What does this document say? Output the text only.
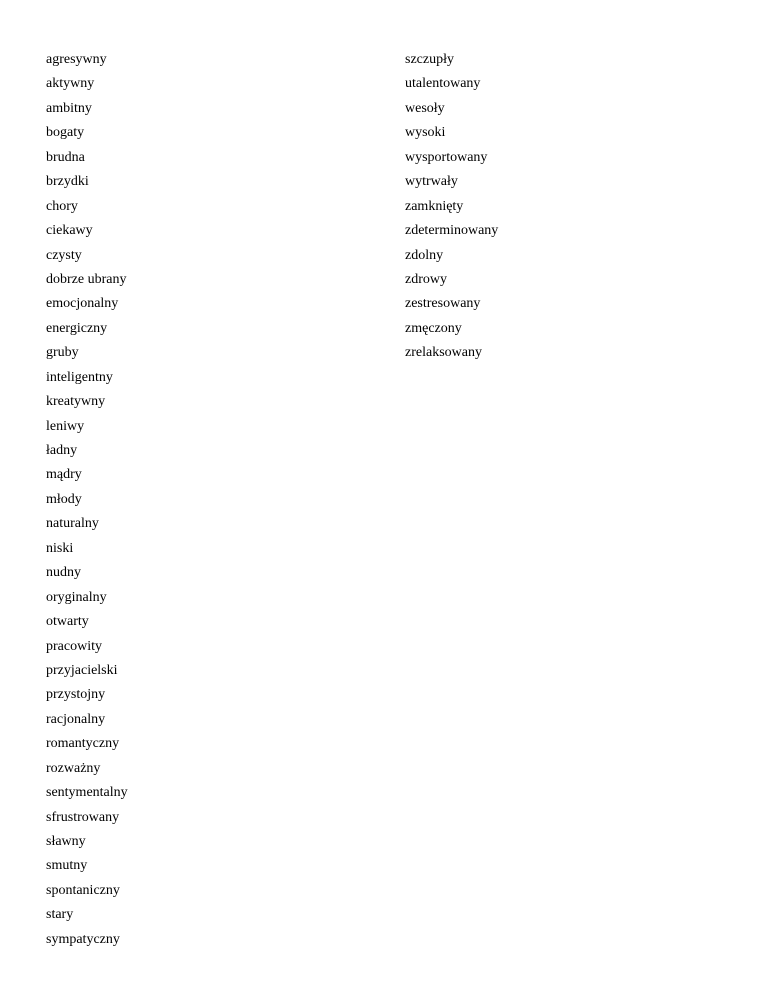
agresywny
aktywny
ambitny
bogaty
brudna
brzydki
chory
ciekawy
czysty
dobrze ubrany
emocjonalny
energiczny
gruby
inteligentny
kreatywny
leniwy
ładny
mądry
młody
naturalny
niski
nudny
oryginalny
otwarty
pracowity
przyjacielski
przystojny
racjonalny
romantyczny
rozważny
sentymentalny
sfrustrowany
sławny
smutny
spontaniczny
stary
sympatyczny
szczupły
utalentowany
wesoły
wysoki
wysportowany
wytrwały
zamknięty
zdeterminowany
zdolny
zdrowy
zestresowany
zmęczony
zrelaksowany
